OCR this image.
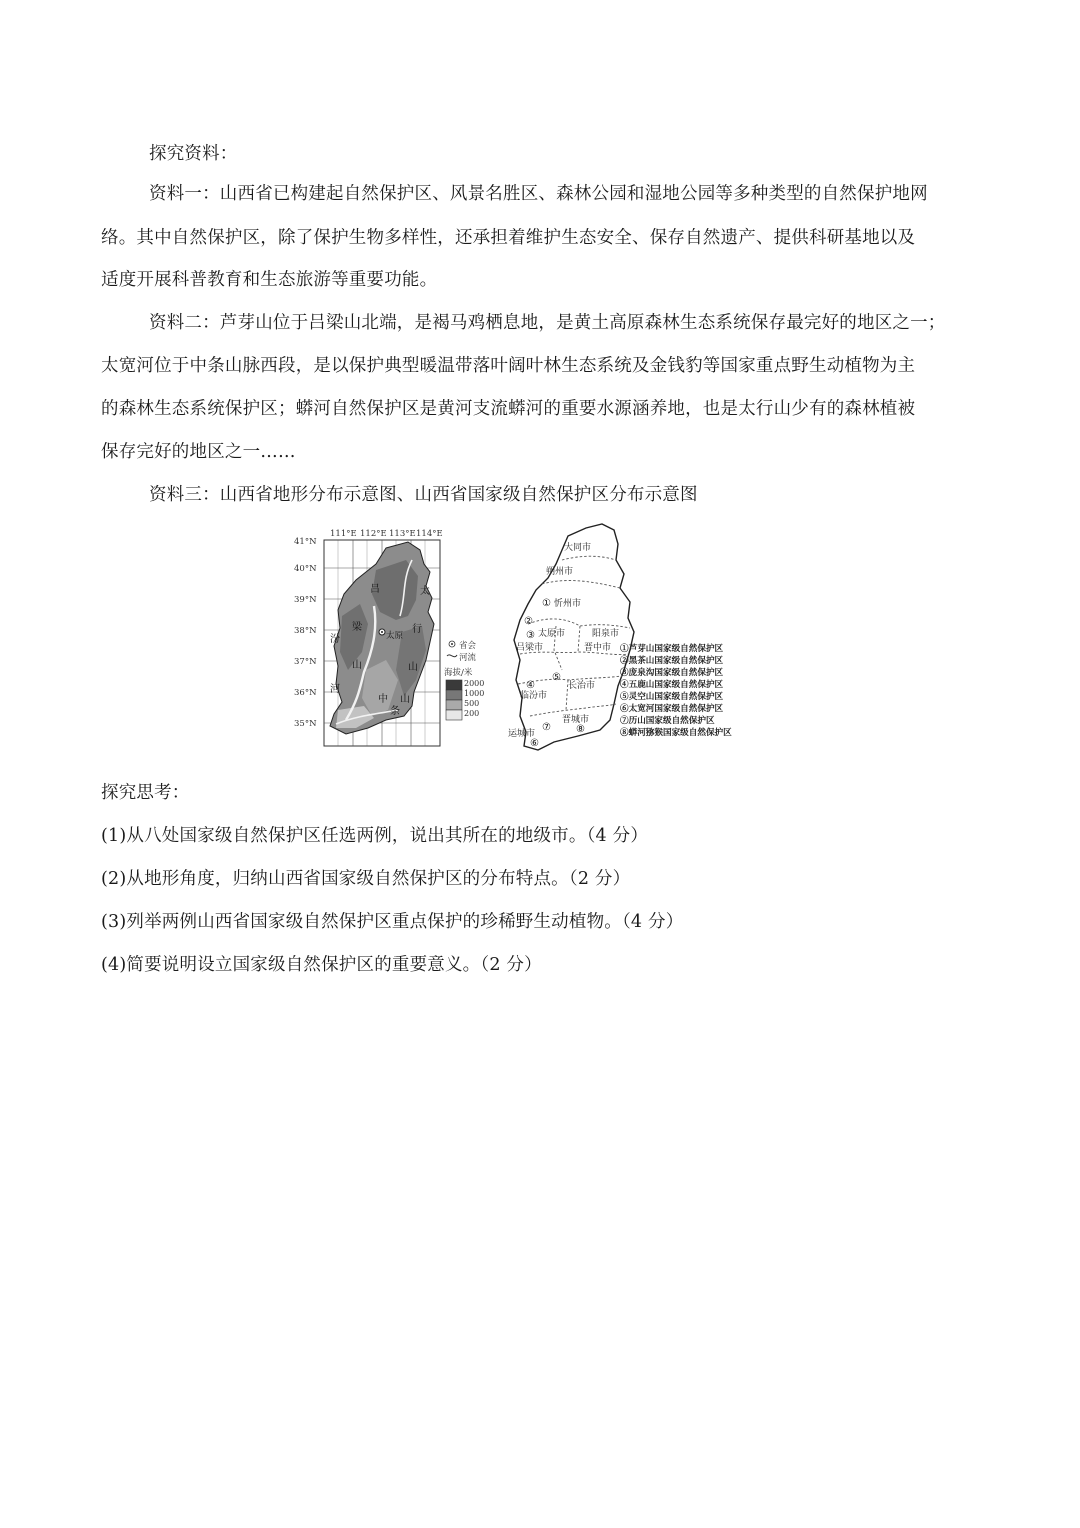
探究资料：
资料一：山西省已构建起自然保护区、风景名胜区、森林公园和湿地公园等多种类型的自然保护地网
络。其中自然保护区，除了保护生物多样性，还承担着维护生态安全、保存自然遗产、提供科研基地以及
适度开展科普教育和生态旅游等重要功能。
资料二：芦芽山位于吕梁山北端，是褐马鸡栖息地，是黄土高原森林生态系统保存最完好的地区之一；
太宽河位于中条山脉西段，是以保护典型暖温带落叶阔叶林生态系统及金钱豹等国家重点野生动植物为主
的森林生态系统保护区；蟒河自然保护区是黄河支流蟒河的重要水源涵养地，也是太行山少有的森林植被
保存完好的地区之一……
资料三：山西省地形分布示意图、山西省国家级自然保护区分布示意图
111°E 112°E 113°E 114°E
41°N
40°N
39°N
38°N
37°N
36°N
35°N
吕
梁
山
太
行
山
汾
河
中
条
山
太原
省会
河流
海拔/米
2000
1000
500
200
大同市
朔州市
忻州市
太原市	阳泉市
吕梁市	晋中市
临汾市
长治市
晋城市
运城市
①
②
③
④
⑤
⑥
⑦	⑧
①芦芽山国家级自然保护区
②黑茶山国家级自然保护区
③庞泉沟国家级自然保护区
④五鹿山国家级自然保护区
⑤灵空山国家级自然保护区
⑥太宽河国家级自然保护区
⑦历山国家级自然保护区
⑧蟒河猕猴国家级自然保护区
探究思考：
(1)从八处国家级自然保护区任选两例，说出其所在的地级市。（4 分）
(2)从地形角度，归纳山西省国家级自然保护区的分布特点。（2 分）
(3)列举两例山西省国家级自然保护区重点保护的珍稀野生动植物。（4 分）
(4)简要说明设立国家级自然保护区的重要意义。（2 分）
